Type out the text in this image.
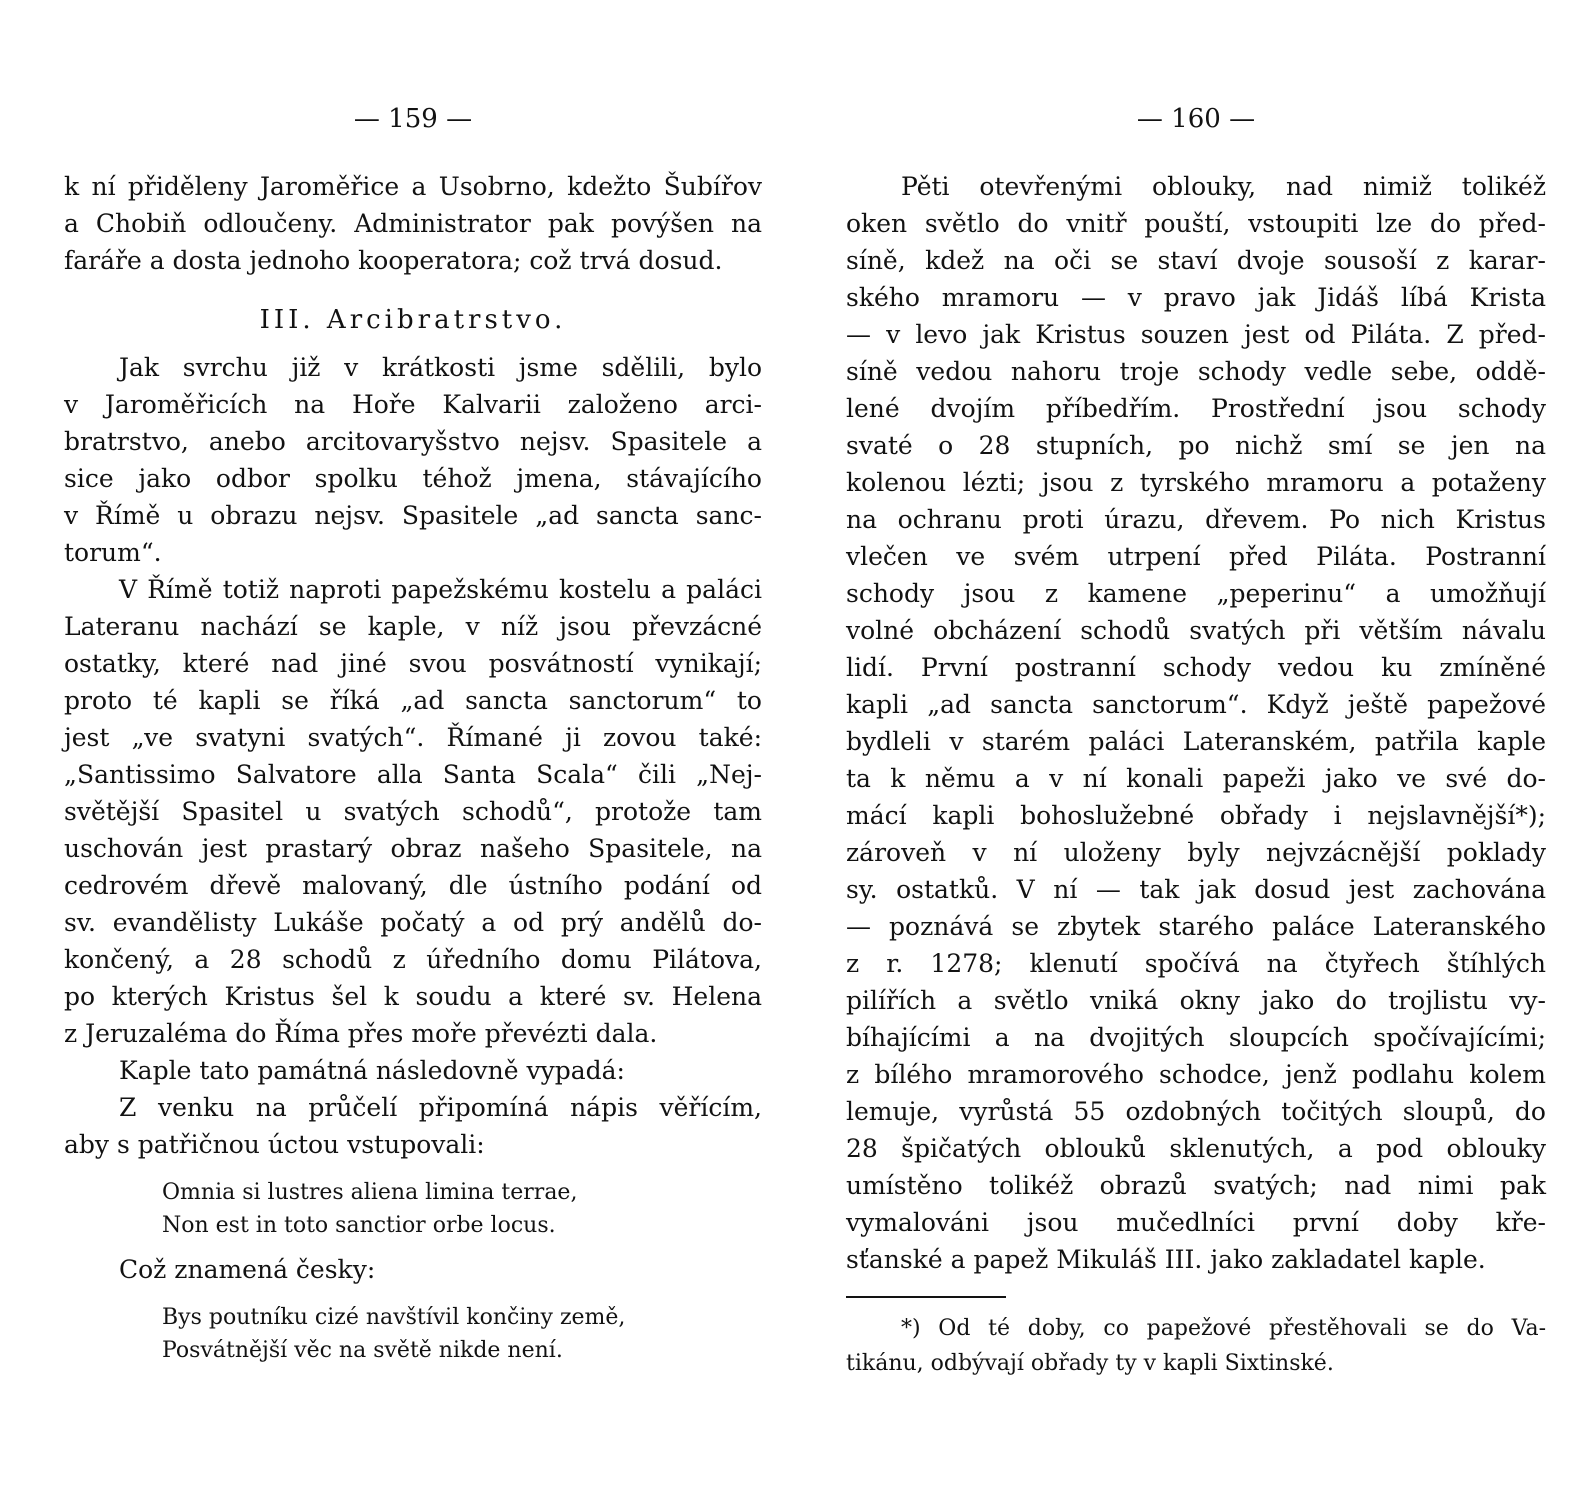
— 159 —
k ní přiděleny Jaroměřice a Usobrno, kdežto Šubířov
a Chobiň odloučeny. Administrator pak povýšen na
faráře a dosta jednoho kooperatora; což trvá dosud.
III. Arcibratrstvo.
Jak svrchu již v krátkosti jsme sdělili, bylo
v Jaroměřicích na Hoře Kalvarii založeno arci-
bratrstvo, anebo arcitovaryšstvo nejsv. Spasitele a
sice jako odbor spolku téhož jmena, stávajícího
v Římě u obrazu nejsv. Spasitele „ad sancta sanc-
torum“.
V Římě totiž naproti papežskému kostelu a paláci
Lateranu nachází se kaple, v níž jsou převzácné
ostatky, které nad jiné svou posvátností vynikají;
proto té kapli se říká „ad sancta sanctorum“ to
jest „ve svatyni svatých“. Římané ji zovou také:
„Santissimo Salvatore alla Santa Scala“ čili „Nej-
světější Spasitel u svatých schodů“, protože tam
uschován jest prastarý obraz našeho Spasitele, na
cedrovém dřevě malovaný, dle ústního podání od
sv. evandělisty Lukáše počatý a od prý andělů do-
končený, a 28 schodů z úředního domu Pilátova,
po kterých Kristus šel k soudu a které sv. Helena
z Jeruzaléma do Říma přes moře převézti dala.
Kaple tato památná následovně vypadá:
Z venku na průčelí připomíná nápis věřícím,
aby s patřičnou úctou vstupovali:
Omnia si lustres aliena limina terrae,
Non est in toto sanctior orbe locus.
Což znamená česky:
Bys poutníku cizé navštívil končiny země,
Posvátnější věc na světě nikde není.
— 160 —
Pěti otevřenými oblouky, nad nimiž tolikéž
oken světlo do vnitř pouští, vstoupiti lze do před-
síně, kdež na oči se staví dvoje sousoší z karar-
ského mramoru — v pravo jak Jidáš líbá Krista
— v levo jak Kristus souzen jest od Piláta. Z před-
síně vedou nahoru troje schody vedle sebe, oddě-
lené dvojím příbedřím. Prostřední jsou schody
svaté o 28 stupních, po nichž smí se jen na
kolenou lézti; jsou z tyrského mramoru a potaženy
na ochranu proti úrazu, dřevem. Po nich Kristus
vlečen ve svém utrpení před Piláta. Postranní
schody jsou z kamene „peperinu“ a umožňují
volné obcházení schodů svatých při větším návalu
lidí. První postranní schody vedou ku zmíněné
kapli „ad sancta sanctorum“. Když ještě papežové
bydleli v starém paláci Lateranském, patřila kaple
ta k němu a v ní konali papeži jako ve své do-
mácí kapli bohoslužebné obřady i nejslavnější*);
zároveň v ní uloženy byly nejvzácnější poklady
sy. ostatků. V ní — tak jak dosud jest zachována
— poznává se zbytek starého paláce Lateranského
z r. 1278; klenutí spočívá na čtyřech štíhlých
pilířích a světlo vniká okny jako do trojlistu vy-
bíhajícími a na dvojitých sloupcích spočívajícími;
z bílého mramorového schodce, jenž podlahu kolem
lemuje, vyrůstá 55 ozdobných točitých sloupů, do
28 špičatých oblouků sklenutých, a pod oblouky
umístěno tolikéž obrazů svatých; nad nimi pak
vymalováni jsou mučedlníci první doby kře-
sťanské a papež Mikuláš III. jako zakladatel kaple.
*) Od té doby, co papežové přestěhovali se do Va-
tikánu, odbývají obřady ty v kapli Sixtinské.
